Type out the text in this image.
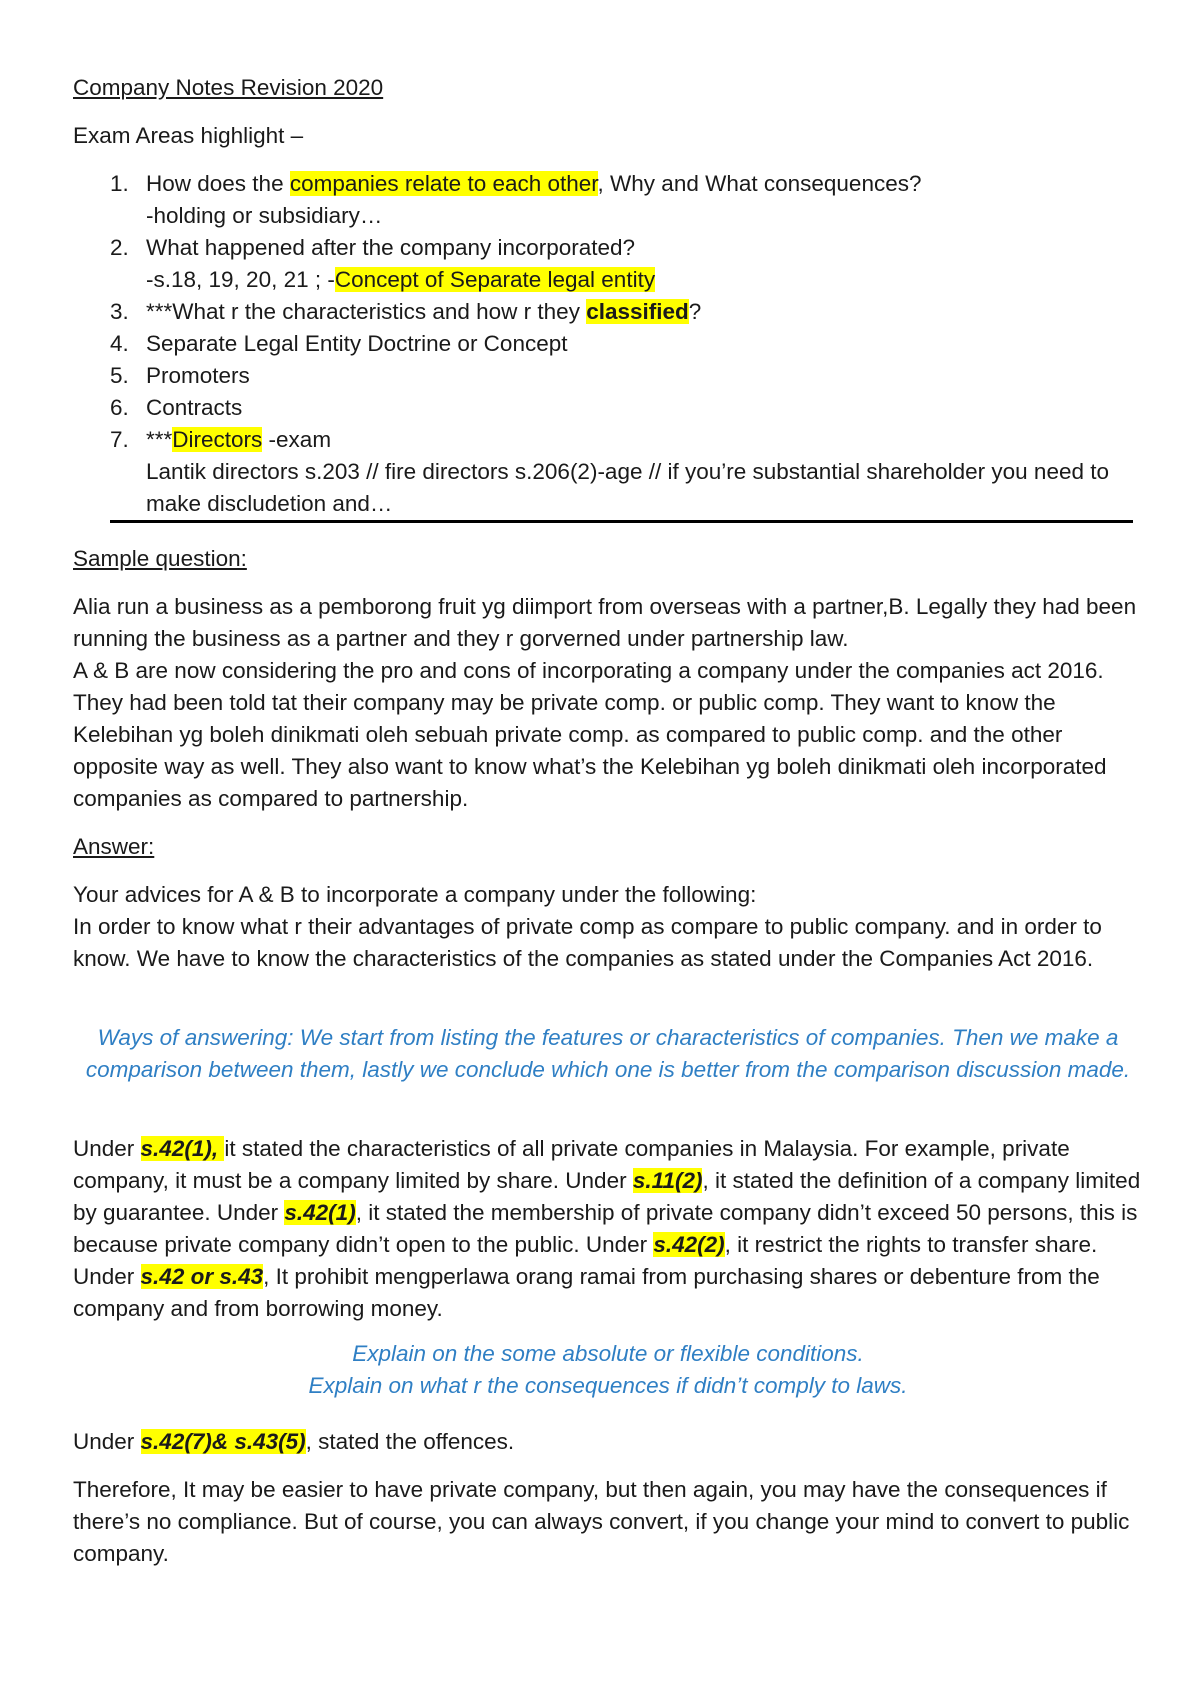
Company Notes Revision 2020
Exam Areas highlight –
1. How does the companies relate to each other, Why and What consequences?
-holding or subsidiary…
2. What happened after the company incorporated?
-s.18, 19, 20, 21 ; -Concept of Separate legal entity
3. ***What r the characteristics and how r they classified?
4. Separate Legal Entity Doctrine or Concept
5. Promoters
6. Contracts
7. ***Directors -exam
Lantik directors s.203 // fire directors s.206(2)-age // if you’re substantial shareholder you need to make discludetion and…
Sample question:
Alia run a business as a pemborong fruit yg diimport from overseas with a partner,B. Legally they had been running the business as a partner and they r gorverned under partnership law.
A & B are now considering the pro and cons of incorporating a company under the companies act 2016. They had been told tat their company may be private comp. or public comp. They want to know the Kelebihan yg boleh dinikmati oleh sebuah private comp. as compared to public comp. and the other opposite way as well. They also want to know what’s the Kelebihan yg boleh dinikmati oleh incorporated companies as compared to partnership.
Answer:
Your advices for A & B to incorporate a company under the following:
In order to know what r their advantages of private comp as compare to public company. and in order to know. We have to know the characteristics of the companies as stated under the Companies Act 2016.
Ways of answering: We start from listing the features or characteristics of companies. Then we make a comparison between them, lastly we conclude which one is better from the comparison discussion made.
Under s.42(1), it stated the characteristics of all private companies in Malaysia. For example, private company, it must be a company limited by share. Under s.11(2), it stated the definition of a company limited by guarantee. Under s.42(1), it stated the membership of private company didn’t exceed 50 persons, this is because private company didn’t open to the public. Under s.42(2), it restrict the rights to transfer share. Under s.42 or s.43, It prohibit mengperlawa orang ramai from purchasing shares or debenture from the company and from borrowing money.
Explain on the some absolute or flexible conditions.
Explain on what r the consequences if didn’t comply to laws.
Under s.42(7)& s.43(5), stated the offences.
Therefore, It may be easier to have private company, but then again, you may have the consequences if there’s no compliance. But of course, you can always convert, if you change your mind to convert to public company.
